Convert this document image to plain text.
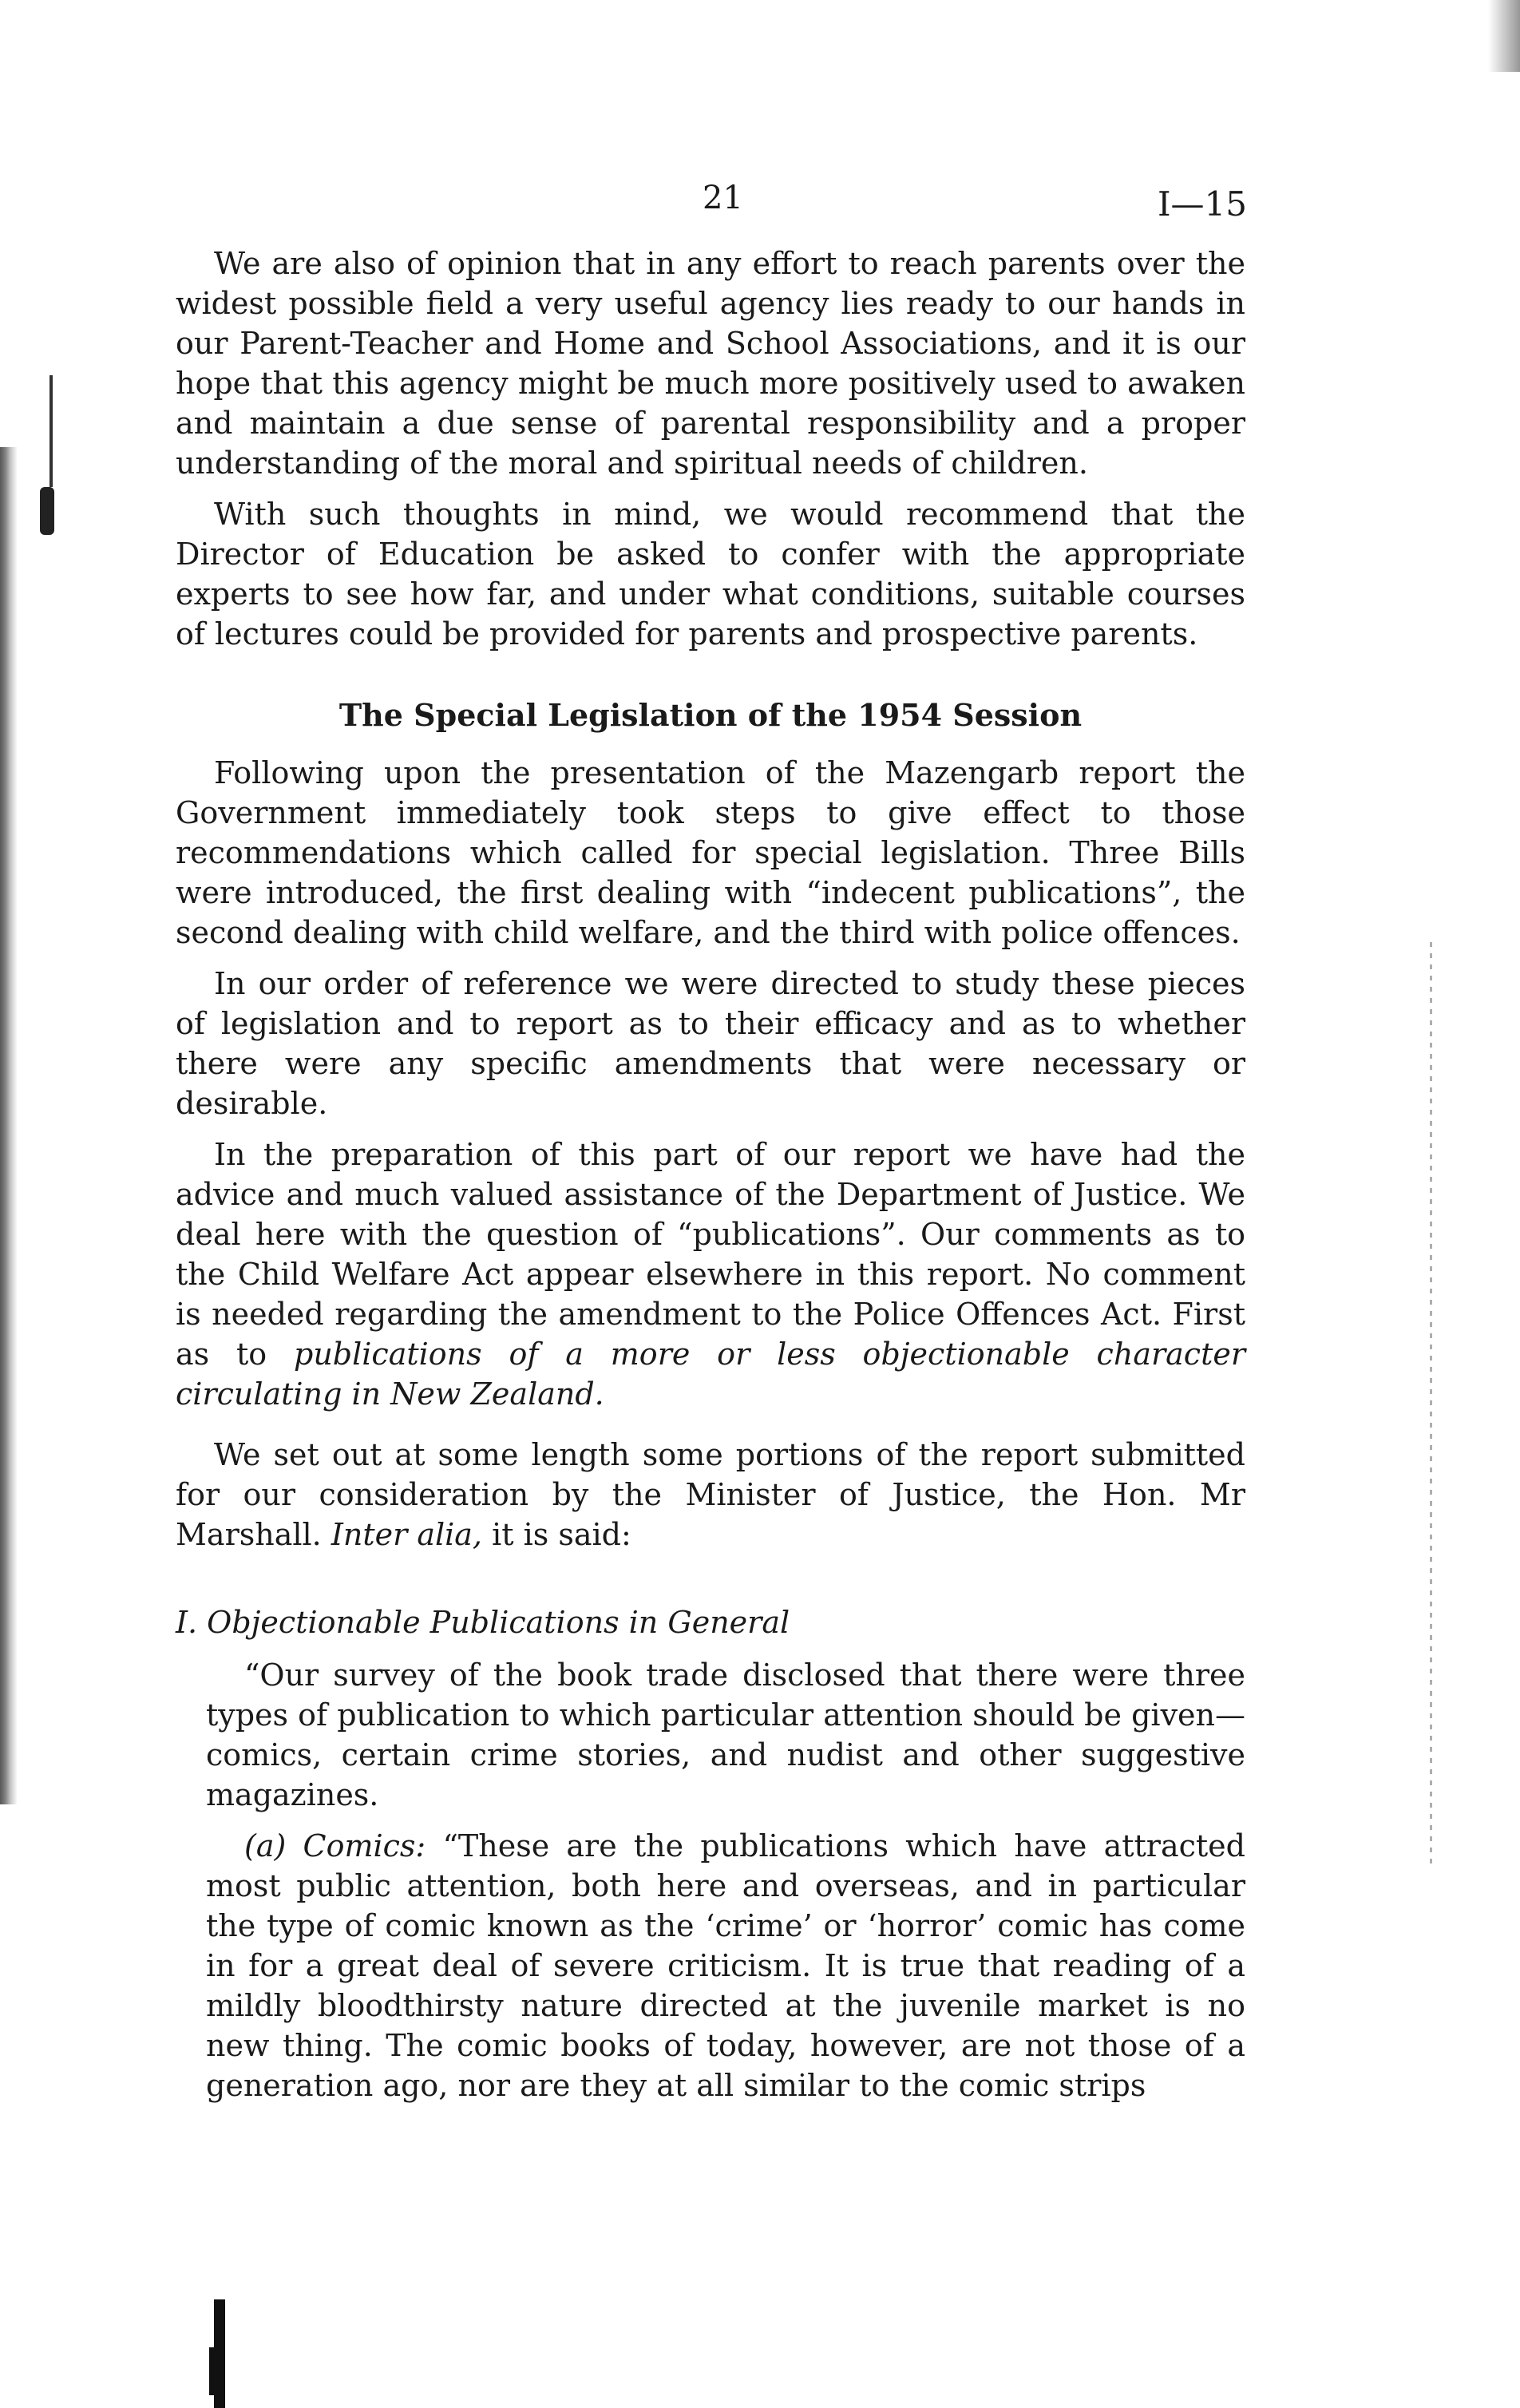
21	I—15

We are also of opinion that in any effort to reach parents over the widest possible field a very useful agency lies ready to our hands in our Parent-Teacher and Home and School Associations, and it is our hope that this agency might be much more positively used to awaken and maintain a due sense of parental responsibility and a proper understanding of the moral and spiritual needs of children.

With such thoughts in mind, we would recommend that the Director of Education be asked to confer with the appropriate experts to see how far, and under what conditions, suitable courses of lectures could be provided for parents and prospective parents.

The Special Legislation of the 1954 Session

Following upon the presentation of the Mazengarb report the Government immediately took steps to give effect to those recommendations which called for special legislation. Three Bills were introduced, the first dealing with “indecent publications”, the second dealing with child welfare, and the third with police offences.

In our order of reference we were directed to study these pieces of legislation and to report as to their efficacy and as to whether there were any specific amendments that were necessary or desirable.

In the preparation of this part of our report we have had the advice and much valued assistance of the Department of Justice. We deal here with the question of “publications”. Our comments as to the Child Welfare Act appear elsewhere in this report. No comment is needed regarding the amendment to the Police Offences Act. First as to publications of a more or less objectionable character circulating in New Zealand.

We set out at some length some portions of the report submitted for our consideration by the Minister of Justice, the Hon. Mr Marshall. Inter alia, it is said:

I. Objectionable Publications in General

“Our survey of the book trade disclosed that there were three types of publication to which particular attention should be given—comics, certain crime stories, and nudist and other suggestive magazines.

(a) Comics: “These are the publications which have attracted most public attention, both here and overseas, and in particular the type of comic known as the ‘crime’ or ‘horror’ comic has come in for a great deal of severe criticism. It is true that reading of a mildly bloodthirsty nature directed at the juvenile market is no new thing. The comic books of today, however, are not those of a generation ago, nor are they at all similar to the comic strips
